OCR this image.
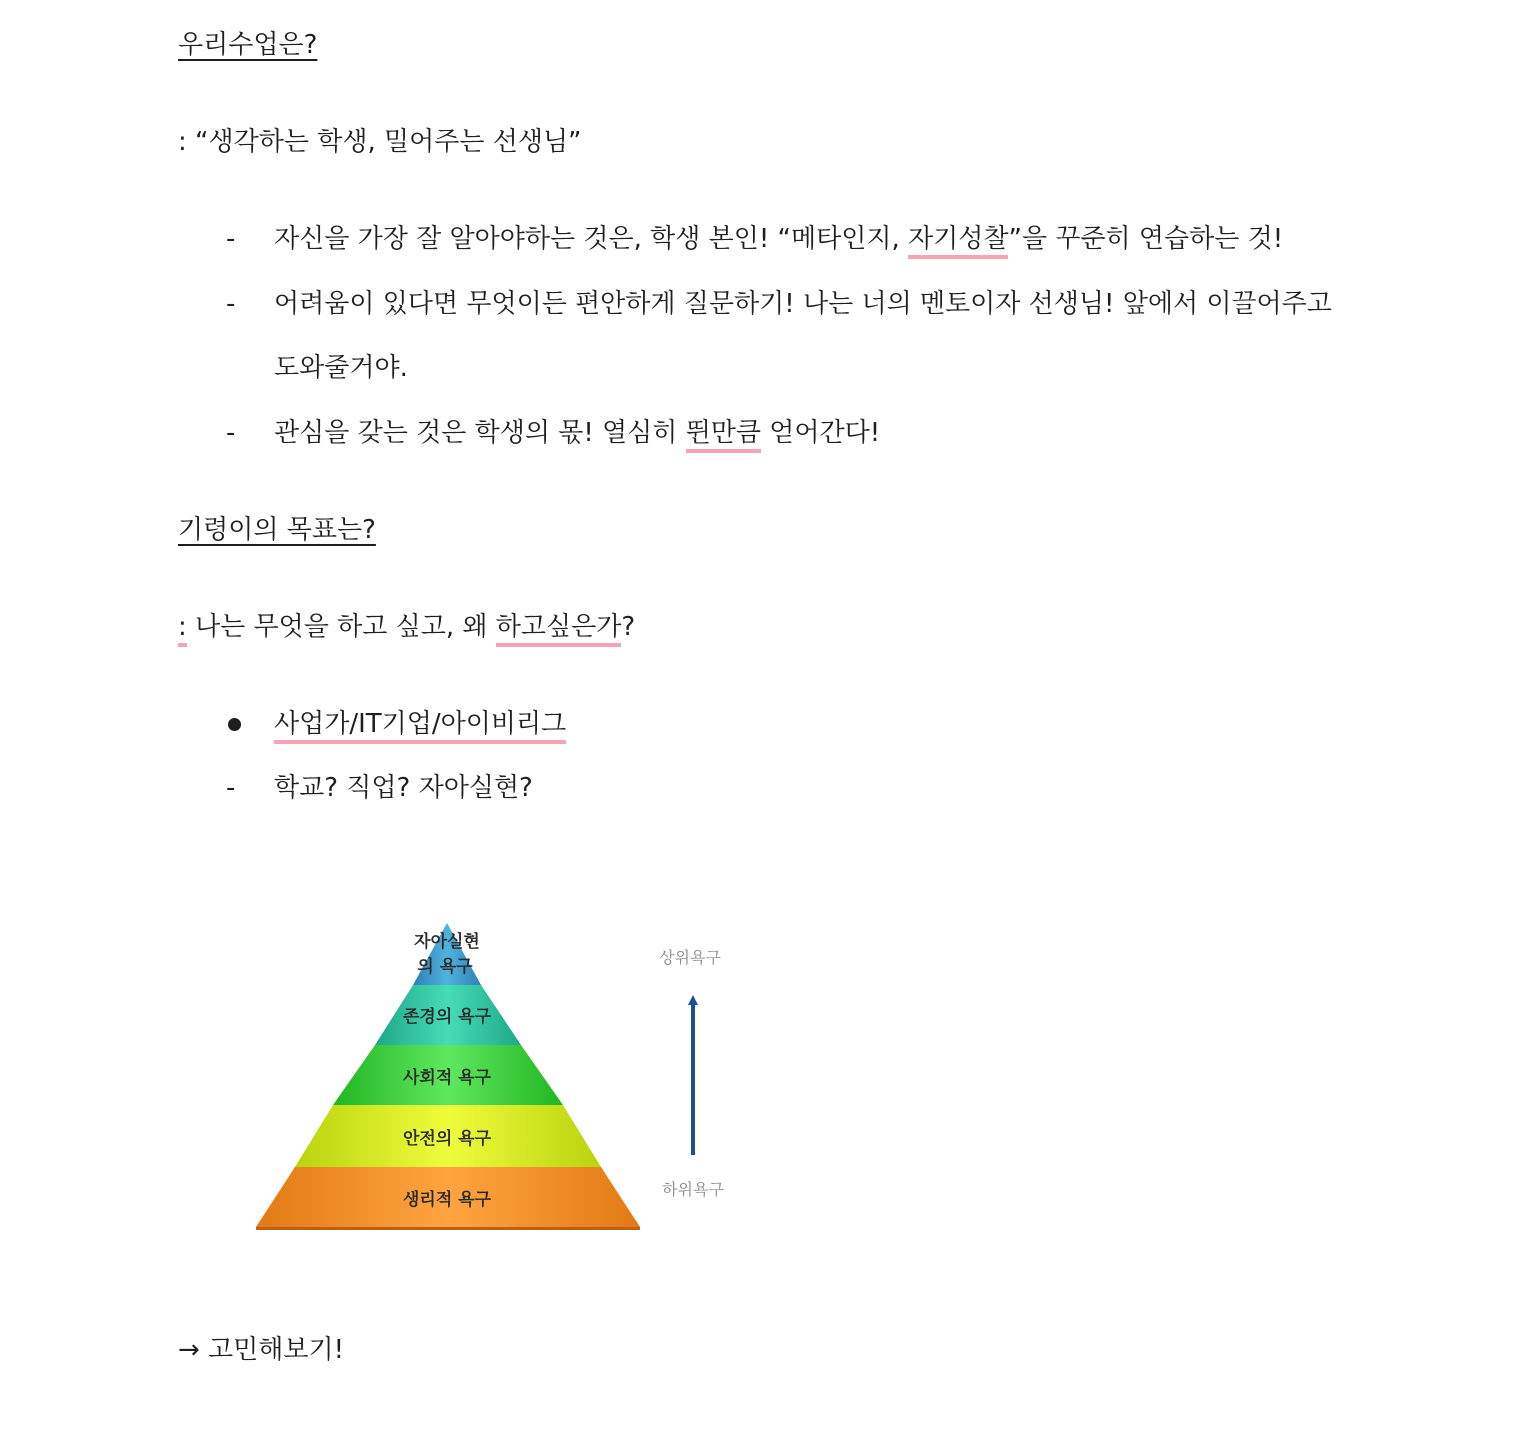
우리수업은?
: “생각하는 학생, 밀어주는 선생님”
- 자신을 가장 잘 알아야하는 것은, 학생 본인! “메타인지, 자기성찰”을 꾸준히 연습하는 것!
- 어려움이 있다면 무엇이든 편안하게 질문하기! 나는 너의 멘토이자 선생님! 앞에서 이끌어주고
도와줄거야.
- 관심을 갖는 것은 학생의 몫! 열심히 뛴만큼 얻어간다!
기령이의 목표는?
: 나는 무엇을 하고 싶고, 왜 하고싶은가?
사업가/IT기업/아이비리그
- 학교? 직업? 자아실현?
자아실현
의 욕구
존경의 욕구
사회적 욕구
안전의 욕구
생리적 욕구
상위욕구
하위욕구
→ 고민해보기!
